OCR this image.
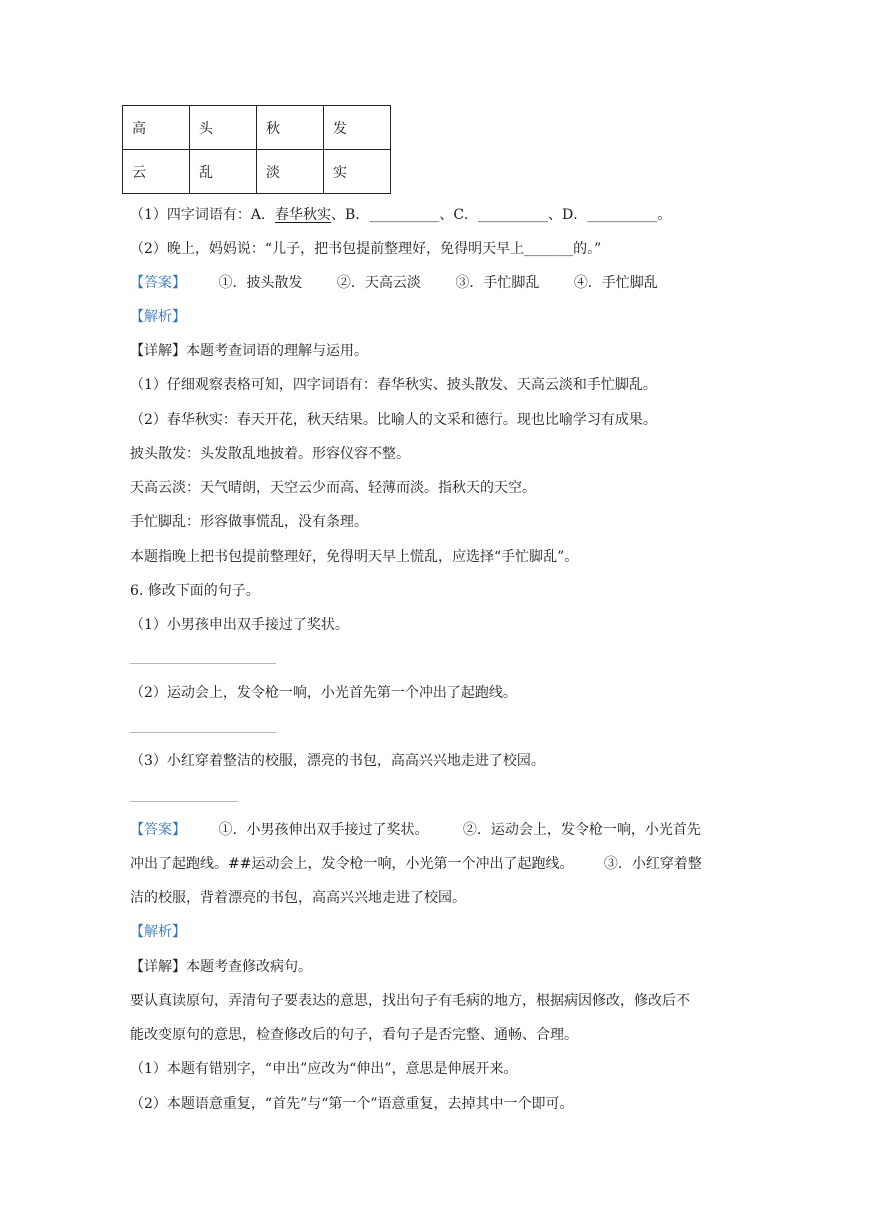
高	头	秋	发
云	乱	淡	实
（1）四字词语有：A．春华秋实、B．__________、C．__________、D．__________。
（2）晚上，妈妈说：“儿子，把书包提前整理好，免得明天早上_______的。”
【答案】 ①．披头散发 ②．天高云淡 ③．手忙脚乱 ④．手忙脚乱
【解析】
【详解】本题考查词语的理解与运用。
（1）仔细观察表格可知，四字词语有：春华秋实、披头散发、天高云淡和手忙脚乱。
（2）春华秋实：春天开花，秋天结果。比喻人的文采和德行。现也比喻学习有成果。
披头散发：头发散乱地披着。形容仪容不整。
天高云淡：天气晴朗，天空云少而高、轻薄而淡。指秋天的天空。
手忙脚乱：形容做事慌乱，没有条理。
本题指晚上把书包提前整理好，免得明天早上慌乱，应选择“手忙脚乱”。
6. 修改下面的句子。
（1）小男孩申出双手接过了奖状。
（2）运动会上，发令枪一响，小光首先第一个冲出了起跑线。
（3）小红穿着整洁的校服，漂亮的书包，高高兴兴地走进了校园。
【答案】 ①．小男孩伸出双手接过了奖状。 ②．运动会上，发令枪一响，小光首先
冲出了起跑线。##运动会上，发令枪一响，小光第一个冲出了起跑线。 ③．小红穿着整
洁的校服，背着漂亮的书包，高高兴兴地走进了校园。
【解析】
【详解】本题考查修改病句。
要认真读原句，弄清句子要表达的意思，找出句子有毛病的地方，根据病因修改，修改后不
能改变原句的意思，检查修改后的句子，看句子是否完整、通畅、合理。
（1）本题有错别字，“申出”应改为“伸出”，意思是伸展开来。
（2）本题语意重复，“首先”与“第一个”语意重复，去掉其中一个即可。
